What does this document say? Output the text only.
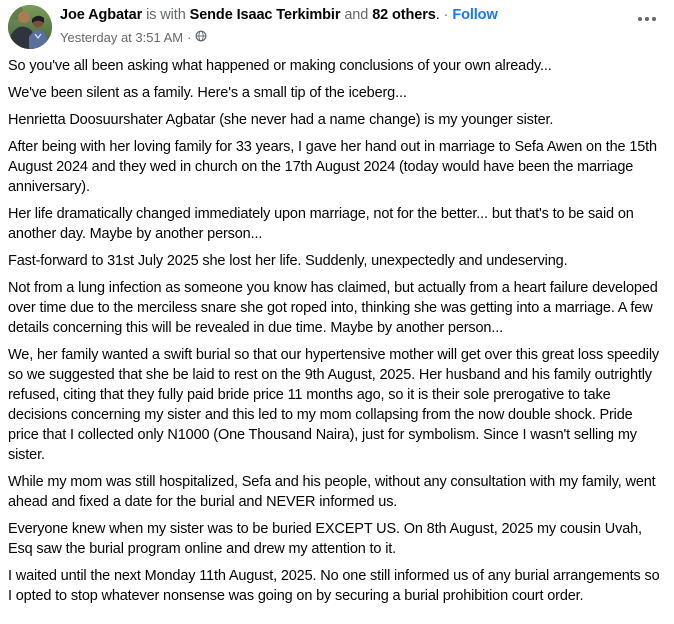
Joe Agbatar is with Sende Isaac Terkimbir and 82 others. · Follow
Yesterday at 3:51 AM ·

So you've all been asking what happened or making conclusions of your own already...

We've been silent as a family. Here's a small tip of the iceberg...

Henrietta Doosuurshater Agbatar (she never had a name change) is my younger sister.

After being with her loving family for 33 years, I gave her hand out in marriage to Sefa Awen on the 15th August 2024 and they wed in church on the 17th August 2024 (today would have been the marriage anniversary).

Her life dramatically changed immediately upon marriage, not for the better... but that's to be said on another day. Maybe by another person...

Fast-forward to 31st July 2025 she lost her life. Suddenly, unexpectedly and undeserving.

Not from a lung infection as someone you know has claimed, but actually from a heart failure developed over time due to the merciless snare she got roped into, thinking she was getting into a marriage. A few details concerning this will be revealed in due time. Maybe by another person...

We, her family wanted a swift burial so that our hypertensive mother will get over this great loss speedily so we suggested that she be laid to rest on the 9th August, 2025. Her husband and his family outrightly refused, citing that they fully paid bride price 11 months ago, so it is their sole prerogative to take decisions concerning my sister and this led to my mom collapsing from the now double shock. Pride price that I collected only N1000 (One Thousand Naira), just for symbolism. Since I wasn't selling my sister.

While my mom was still hospitalized, Sefa and his people, without any consultation with my family, went ahead and fixed a date for the burial and NEVER informed us.

Everyone knew when my sister was to be buried EXCEPT US. On 8th August, 2025 my cousin Uvah, Esq saw the burial program online and drew my attention to it.

I waited until the next Monday 11th August, 2025. No one still informed us of any burial arrangements so I opted to stop whatever nonsense was going on by securing a burial prohibition court order.
